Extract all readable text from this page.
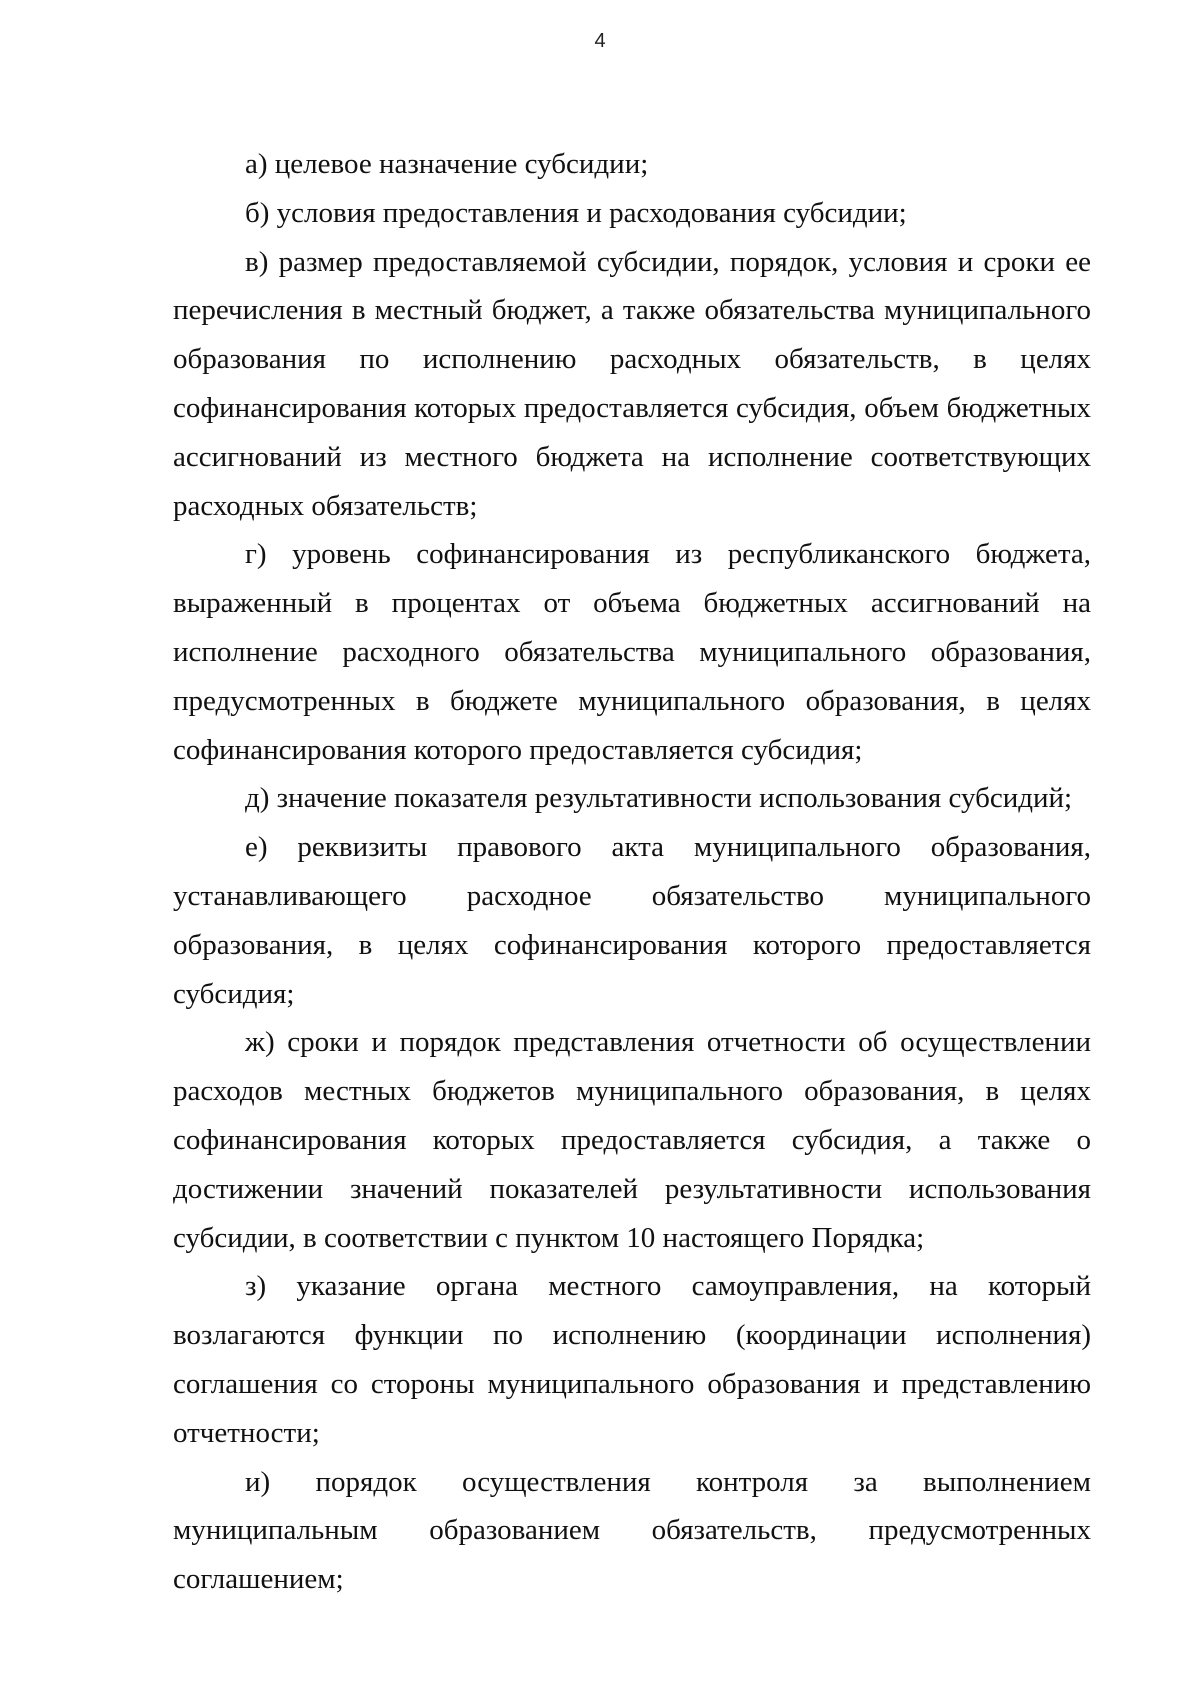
4

а) целевое назначение субсидии;

б) условия предоставления и расходования субсидии;

в) размер предоставляемой субсидии, порядок, условия и сроки ее перечисления в местный бюджет, а также обязательства муниципального образования по исполнению расходных обязательств, в целях софинансирования которых предоставляется субсидия, объем бюджетных ассигнований из местного бюджета на исполнение соответствующих расходных обязательств;

г) уровень софинансирования из республиканского бюджета, выраженный в процентах от объема бюджетных ассигнований на исполнение расходного обязательства муниципального образования, предусмотренных в бюджете муниципального образования, в целях софинансирования которого предоставляется субсидия;

д) значение показателя результативности использования субсидий;

е) реквизиты правового акта муниципального образования, устанавливающего расходное обязательство муниципального образования, в целях софинансирования которого предоставляется субсидия;

ж) сроки и порядок представления отчетности об осуществлении расходов местных бюджетов муниципального образования, в целях софинансирования которых предоставляется субсидия, а также о достижении значений показателей результативности использования субсидии, в соответствии с пунктом 10 настоящего Порядка;

з) указание органа местного самоуправления, на который возлагаются функции по исполнению (координации исполнения) соглашения со стороны муниципального образования и представлению отчетности;

и) порядок осуществления контроля за выполнением муниципальным образованием обязательств, предусмотренных соглашением;
